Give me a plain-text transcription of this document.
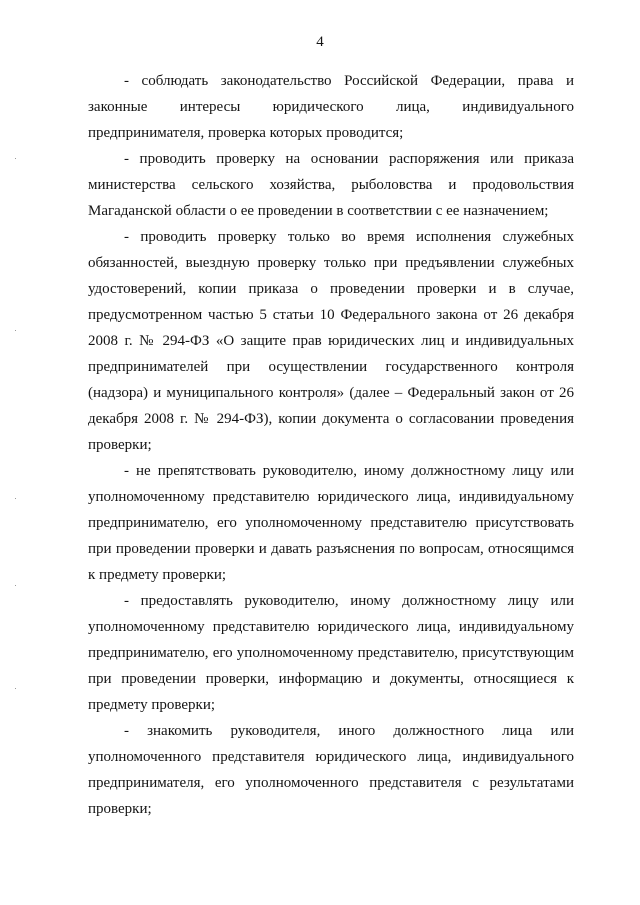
4

- соблюдать законодательство Российской Федерации, права и законные интересы юридического лица, индивидуального предпринимателя, проверка которых проводится;

- проводить проверку на основании распоряжения или приказа министерства сельского хозяйства, рыболовства и продовольствия Магаданской области о ее проведении в соответствии с ее назначением;

- проводить проверку только во время исполнения служебных обязанностей, выездную проверку только при предъявлении служебных удостоверений, копии приказа о проведении проверки и в случае, предусмотренном частью 5 статьи 10 Федерального закона от 26 декабря 2008 г. № 294-ФЗ «О защите прав юридических лиц и индивидуальных предпринимателей при осуществлении государственного контроля (надзора) и муниципального контроля» (далее – Федеральный закон от 26 декабря 2008 г. № 294-ФЗ), копии документа о согласовании проведения проверки;

- не препятствовать руководителю, иному должностному лицу или уполномоченному представителю юридического лица, индивидуальному предпринимателю, его уполномоченному представителю присутствовать при проведении проверки и давать разъяснения по вопросам, относящимся к предмету проверки;

- предоставлять руководителю, иному должностному лицу или уполномоченному представителю юридического лица, индивидуальному предпринимателю, его уполномоченному представителю, присутствующим при проведении проверки, информацию и документы, относящиеся к предмету проверки;

- знакомить руководителя, иного должностного лица или уполномоченного представителя юридического лица, индивидуального предпринимателя, его уполномоченного представителя с результатами проверки;
